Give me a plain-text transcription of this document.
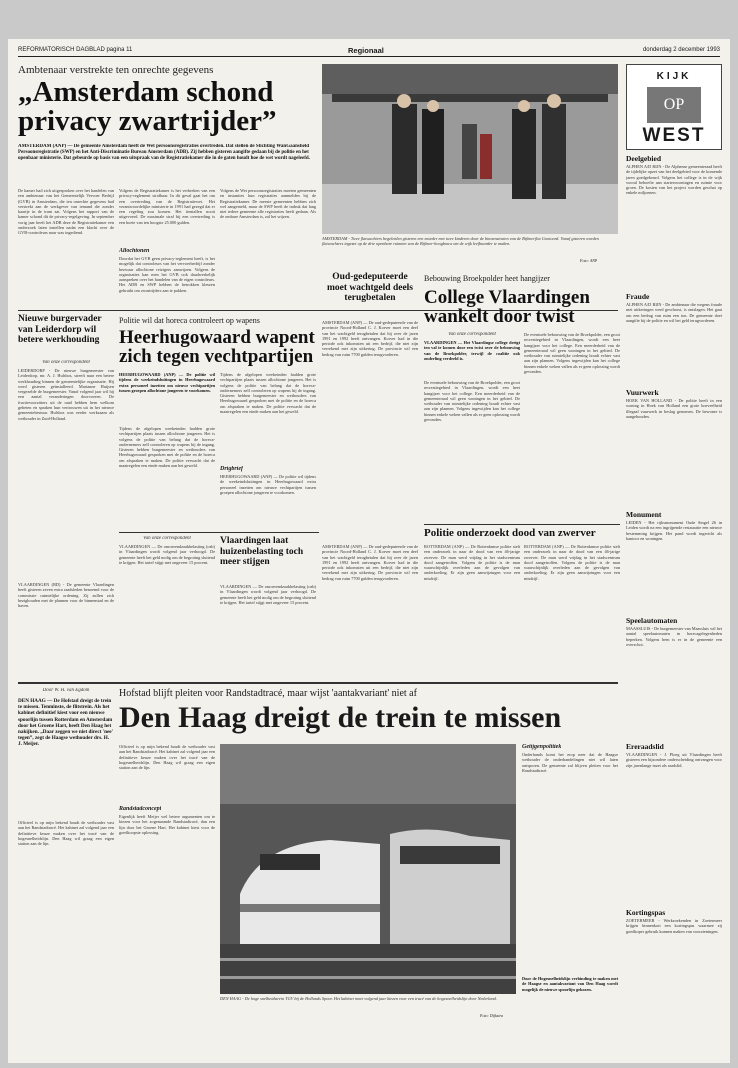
REFORMATORISCH DAGBLAD pagina 11	Regionaal	donderdag 2 december 1993
Ambtenaar verstrekte ten onrechte gegevens
„Amsterdam schond privacy zwartrijder”
AMSTERDAM (ANP) — De gemeente Amsterdam heeft de Wet persoonsregistraties overtreden. Dat stellen de Stichting WanGaansheld Persoonsregistratie (SWP) en het Anti-Discriminatie Bureau Amsterdam (ADB). Zij hebben gisteren aangifte gedaan bij de politie en het openbaar ministerie. Dat gebeurde op basis van een uitspraak van de Registratiekamer die in de gaten houdt hoe de wet wordt nageleefd.
De kamer had zich uitgesproken over het handelen van een ambtenaar van het Gemeentelijk Vervoer Bedrijf (GVB) in Amsterdam, die ten onrechte gegevens had verstrekt aan de werkgever van iemand die zonder kaartje in de tram zat. Volgens het rapport van de kamer schond dit de privacy-regelgeving. In september vorig jaar heeft het ADB deze de Registratiekamer een onderzoek laten instellen nadat een klacht over de GVB-controleurs naar was ingediend.
Volgens de Registratiekamer is het verbreken van een privacy-reglement strafbaar. In dit geval gaat het om een overtreding van de Registratiewet. Het verantwoordelijke ministerie in 1991 had gezegd dat er een regeling zou komen. Het tientallen nooit uitgevoerd. De maximale straf bij een overtreding is een boete van ten hoogste 25.000 gulden.
Allochtonen
Doordat het GVB geen privacy-reglement heeft, is het mogelijk dat controleurs van het vervoerbedrijf zonder bezwaar allochtone reizigers aanwijzen. Volgens de organisaties kan men het GVB ook daadwerkelijk aanspreken over het handelen van de eigen controleurs. Het ADB en SWP hebben de betrokken kleuren gebruikt om zwartrijders aan te pakken.
Volgens de Wet persoonsregistraties moeten gemeenten en instanties hun registraties aanmelden bij de Registratiekamer. De meeste gemeenten hebben zich wel aangemeld, maar de SWP heeft de indruk dat lang niet iedere gemeente alle registraties heeft gedaan. Als de ombare Amsterdam is, zal het wijzen.
AMSTERDAM - Twee flatwachters begeleiden gisteren een moeder met twee kinderen door de binnenstraten van de Bijlmerflat Gooioord. Vanaf gisteren worden flatwachters ingezet op de drie openbare ruimten van de Bijlmer-hoogbouw om de wijk leefbaarder te maken.
Foto: ANP
KIJK
OP
WEST
Deelgebied
ALPHEN A/D RIJN - De Alphense gemeenteraad heeft de tijdelijke opzet van het deelgebied voor de komende jaren goedgekeurd. Volgens het college is in de wijk vooral behoefte aan starterswoningen en ruimte voor groen. De kosten van het project worden geschat op enkele miljoenen.
Fraude
ALPHEN A/D RIJN - De ambtenaar die wegens fraude met uitkeringen werd geschorst, is ontslagen. Het gaat om een bedrag van ruim een ton. De gemeente doet aangifte bij de politie en wil het geld terugvorderen.
Vuurwerk
HOEK VAN HOLLAND - De politie heeft in een woning in Hoek van Holland een grote hoeveelheid illegaal vuurwerk in beslag genomen. De bewoner is aangehouden.
Monument
LEIDEN - Het rijksmonument Oude Singel 26 in Leiden wordt na een ingrijpende restauratie een nieuwe bestemming krijgen. Het pand wordt ingericht als kantoor en woningen.
Speelautomaten
MAASSLUIS - De burgemeester van Maassluis wil het aantal speelautomaten in horecagelegenheden beperken. Volgens hem is er in de gemeente een overschot.
Ereraadslid
VLAARDINGEN - J. Ploeg uit Vlaardingen heeft gisteren een bijzondere onderscheiding ontvangen voor zijn jarenlange inzet als raadslid.
Kortingspas
ZOETERMEER - Werkzoekenden in Zoetermeer krijgen binnenkort een kortingspas waarmee zij goedkoper gebruik kunnen maken van voorzieningen.
Nieuwe burgervader van Leiderdorp wil betere werkhouding
Van onze correspondent
LEIDERDORP - De nieuwe burgemeester van Leiderdorp, mr. A. J. Hulsbos, streeft naar een betere werkhouding binnen de gemeentelijke organisatie. Hij werd gisteren geïnstalleerd. Marianne Huijsen vergezelde de burgemeester. Vanaf volgend jaar wil hij een aantal veranderingen doorvoeren. De fractievoorzitters uit de raad hebben hem welkom geheten en spraken hun vertrouwen uit in het nieuwe gemeentebestuur. Hulsbos was eerder werkzaam als wethouder in Zuid-Holland.
VLAARDINGEN (RD) - De gemeente Vlaardingen heeft gisteren zeven extra raadsleden benoemd voor de commissie ruimtelijke ordening. Zij zullen zich bezighouden met de plannen voor de binnenstad en de haven.
Politie wil dat horeca controleert op wapens
Heerhugowaard wapent zich tegen vechtpartijen
HEERHUGOWAARD (ANP) — De politie wil tijdens de weekeindsluitingen in Heerhugowaard extra personeel inzetten om nieuwe vechtpartijen tussen groepen allochtone jongeren te voorkomen.
Tijdens de afgelopen weekeinden hadden grote vechtpartijen plaats tussen allochtone jongeren. Het is volgens de politie van belang dat de horeca-ondernemers zelf controleren op wapens bij de ingang. Gisteren hebben burgemeester en wethouders van Heerhugowaard gesproken met de politie en de horeca om afspraken te maken. De politie verwacht dat de maatregelen een einde maken aan het geweld.
Tijdens de afgelopen weekeinden hadden grote vechtpartijen plaats tussen allochtone jongeren. Het is volgens de politie van belang dat de horeca-ondernemers zelf controleren op wapens bij de ingang. Gisteren hebben burgemeester en wethouders van Heerhugowaard gesproken met de politie en de horeca om afspraken te maken. De politie verwacht dat de maatregelen een einde maken aan het geweld.
Drigbrief
HEERHUGOWAARD (ANP) — De politie wil tijdens de weekeindsluitingen in Heerhugowaard extra personeel inzetten om nieuwe vechtpartijen tussen groepen allochtone jongeren te voorkomen.
Van onze correspondent
VLAARDINGEN — De onroerendzaakbelasting (ozb) in Vlaardingen wordt volgend jaar verhoogd. De gemeente heeft het geld nodig om de begroting sluitend te krijgen. Het tarief stijgt met ongeveer 15 procent.
Vlaardingen laat huizenbelasting toch meer stijgen
VLAARDINGEN — De onroerendzaakbelasting (ozb) in Vlaardingen wordt volgend jaar verhoogd. De gemeente heeft het geld nodig om de begroting sluitend te krijgen. Het tarief stijgt met ongeveer 15 procent.
Oud-gedeputeerde moet wachtgeld deels terugbetalen
AMSTERDAM (ANP) — De oud-gedeputeerde van de provincie Noord-Holland C. J. Korver moet een deel van het wachtgeld terugbetalen dat hij over de jaren 1991 en 1992 heeft ontvangen. Korver had in die periode ook inkomsten uit een bedrijf, die niet zijn verrekend met zijn uitkering. De provincie wil een bedrag van ruim 7700 gulden terugvorderen.
AMSTERDAM (ANP) — De oud-gedeputeerde van de provincie Noord-Holland C. J. Korver moet een deel van het wachtgeld terugbetalen dat hij over de jaren 1991 en 1992 heeft ontvangen. Korver had in die periode ook inkomsten uit een bedrijf, die niet zijn verrekend met zijn uitkering. De provincie wil een bedrag van ruim 7700 gulden terugvorderen.
Bebouwing Broekpolder heet hangijzer
College Vlaardingen wankelt door twist
Van onze correspondent
VLAARDINGEN — Het Vlaardingse college dreigt ten val te komen door een twist over de bebouwing van de Broekpolder, terwijl de coalitie ook onderling verdeeld is.
De eventuele bebouwing van de Broekpolder, een groot recreatiegebied in Vlaardingen, wordt een heet hangijzer voor het college. Een meerderheid van de gemeenteraad wil geen woningen in het gebied. De wethouder van ruimtelijke ordening houdt echter vast aan zijn plannen. Volgens ingewijden kan het college binnen enkele weken vallen als er geen oplossing wordt gevonden.
De eventuele bebouwing van de Broekpolder, een groot recreatiegebied in Vlaardingen, wordt een heet hangijzer voor het college. Een meerderheid van de gemeenteraad wil geen woningen in het gebied. De wethouder van ruimtelijke ordening houdt echter vast aan zijn plannen. Volgens ingewijden kan het college binnen enkele weken vallen als er geen oplossing wordt gevonden.
Politie onderzoekt dood van zwerver
ROTTERDAM (ANP) — De Rotterdamse politie stelt een onderzoek in naar de dood van een 46-jarige zwerver. De man werd vrijdag in het stadscentrum dood aangetroffen. Volgens de politie is de man waarschijnlijk overleden aan de gevolgen van onderkoeling. Er zijn geen aanwijzingen voor een misdrijf.
ROTTERDAM (ANP) — De Rotterdamse politie stelt een onderzoek in naar de dood van een 46-jarige zwerver. De man werd vrijdag in het stadscentrum dood aangetroffen. Volgens de politie is de man waarschijnlijk overleden aan de gevolgen van onderkoeling. Er zijn geen aanwijzingen voor een misdrijf.
Door W. H. van Egdom
DEN HAAG — De Hofstad dreigt de trein te missen. Tenminste, de flitstrein. Als het kabinet definitief kiest voor een nieuwe spoorlijn tussen Rotterdam en Amsterdam door het Groene Hart, heeft Den Haag het nakijken. „Daar zeggen we niet direct 'nee' tegen”, zegt de Haagse wethouder drs. H. J. Meijer.
Officieel is op mijn bekend houdt de wethouder vast aan het Randstadtracé. Het kabinet zal volgend jaar een definitieve keuze maken over het tracé van de hogesnelheidslijn. Den Haag wil graag een eigen station aan de lijn.
Hofstad blijft pleiten voor Randstadtracé, maar wijst 'aantakvariant' niet af
Den Haag dreigt de trein te missen
Officieel is op mijn bekend houdt de wethouder vast aan het Randstadtracé. Het kabinet zal volgend jaar een definitieve keuze maken over het tracé van de hogesnelheidslijn. Den Haag wil graag een eigen station aan de lijn.
Randstadconcept
Eigenlijk heeft Meijer wel betere argumenten om te kiezen voor het zogenaamde Randstadtracé, dan een lijn door het Groene Hart. Het kabinet kiest voor de goedkoopste oplossing.
DEN HAAG - De hoge snelheidstrein TGV bij de Hollands Spoor. Het kabinet moet volgend jaar kiezen voor een tracé van de hogesnelheidslijn door Nederland.
Foto: Dijkstra
Getijgenpolitiek
Onderhands komt het erop neer dat de Haagse wethouder de onderhandelingen niet wil laten ontsporen. De gemeente zal blijven pleiten voor het Randstadtracé.
Door de Hogesnelheidslijn verbinding te maken met de Haagse en aantakvariant van Den Haag wordt mogelijk de nieuwe spoorlijn gekozen.
